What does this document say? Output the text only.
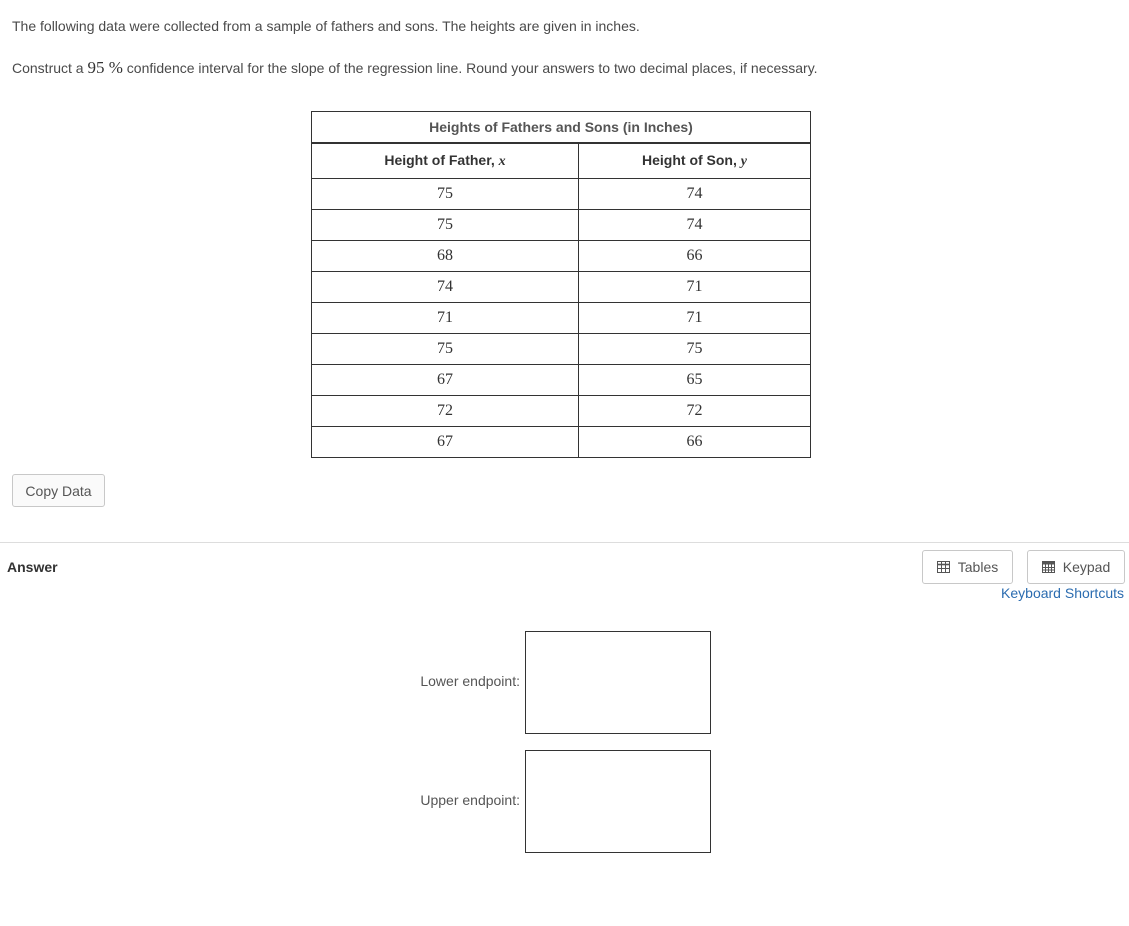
The following data were collected from a sample of fathers and sons. The heights are given in inches.
Construct a 95 % confidence interval for the slope of the regression line. Round your answers to two decimal places, if necessary.
Heights of Fathers and Sons (in Inches)	
Height of Father, x	Height of Son, y
75	74
75	74
68	66
74	71
71	71
75	75
67	65
72	72
67	66
Copy Data
Answer	Tables	Keypad
Keyboard Shortcuts
Lower endpoint:
Upper endpoint:
